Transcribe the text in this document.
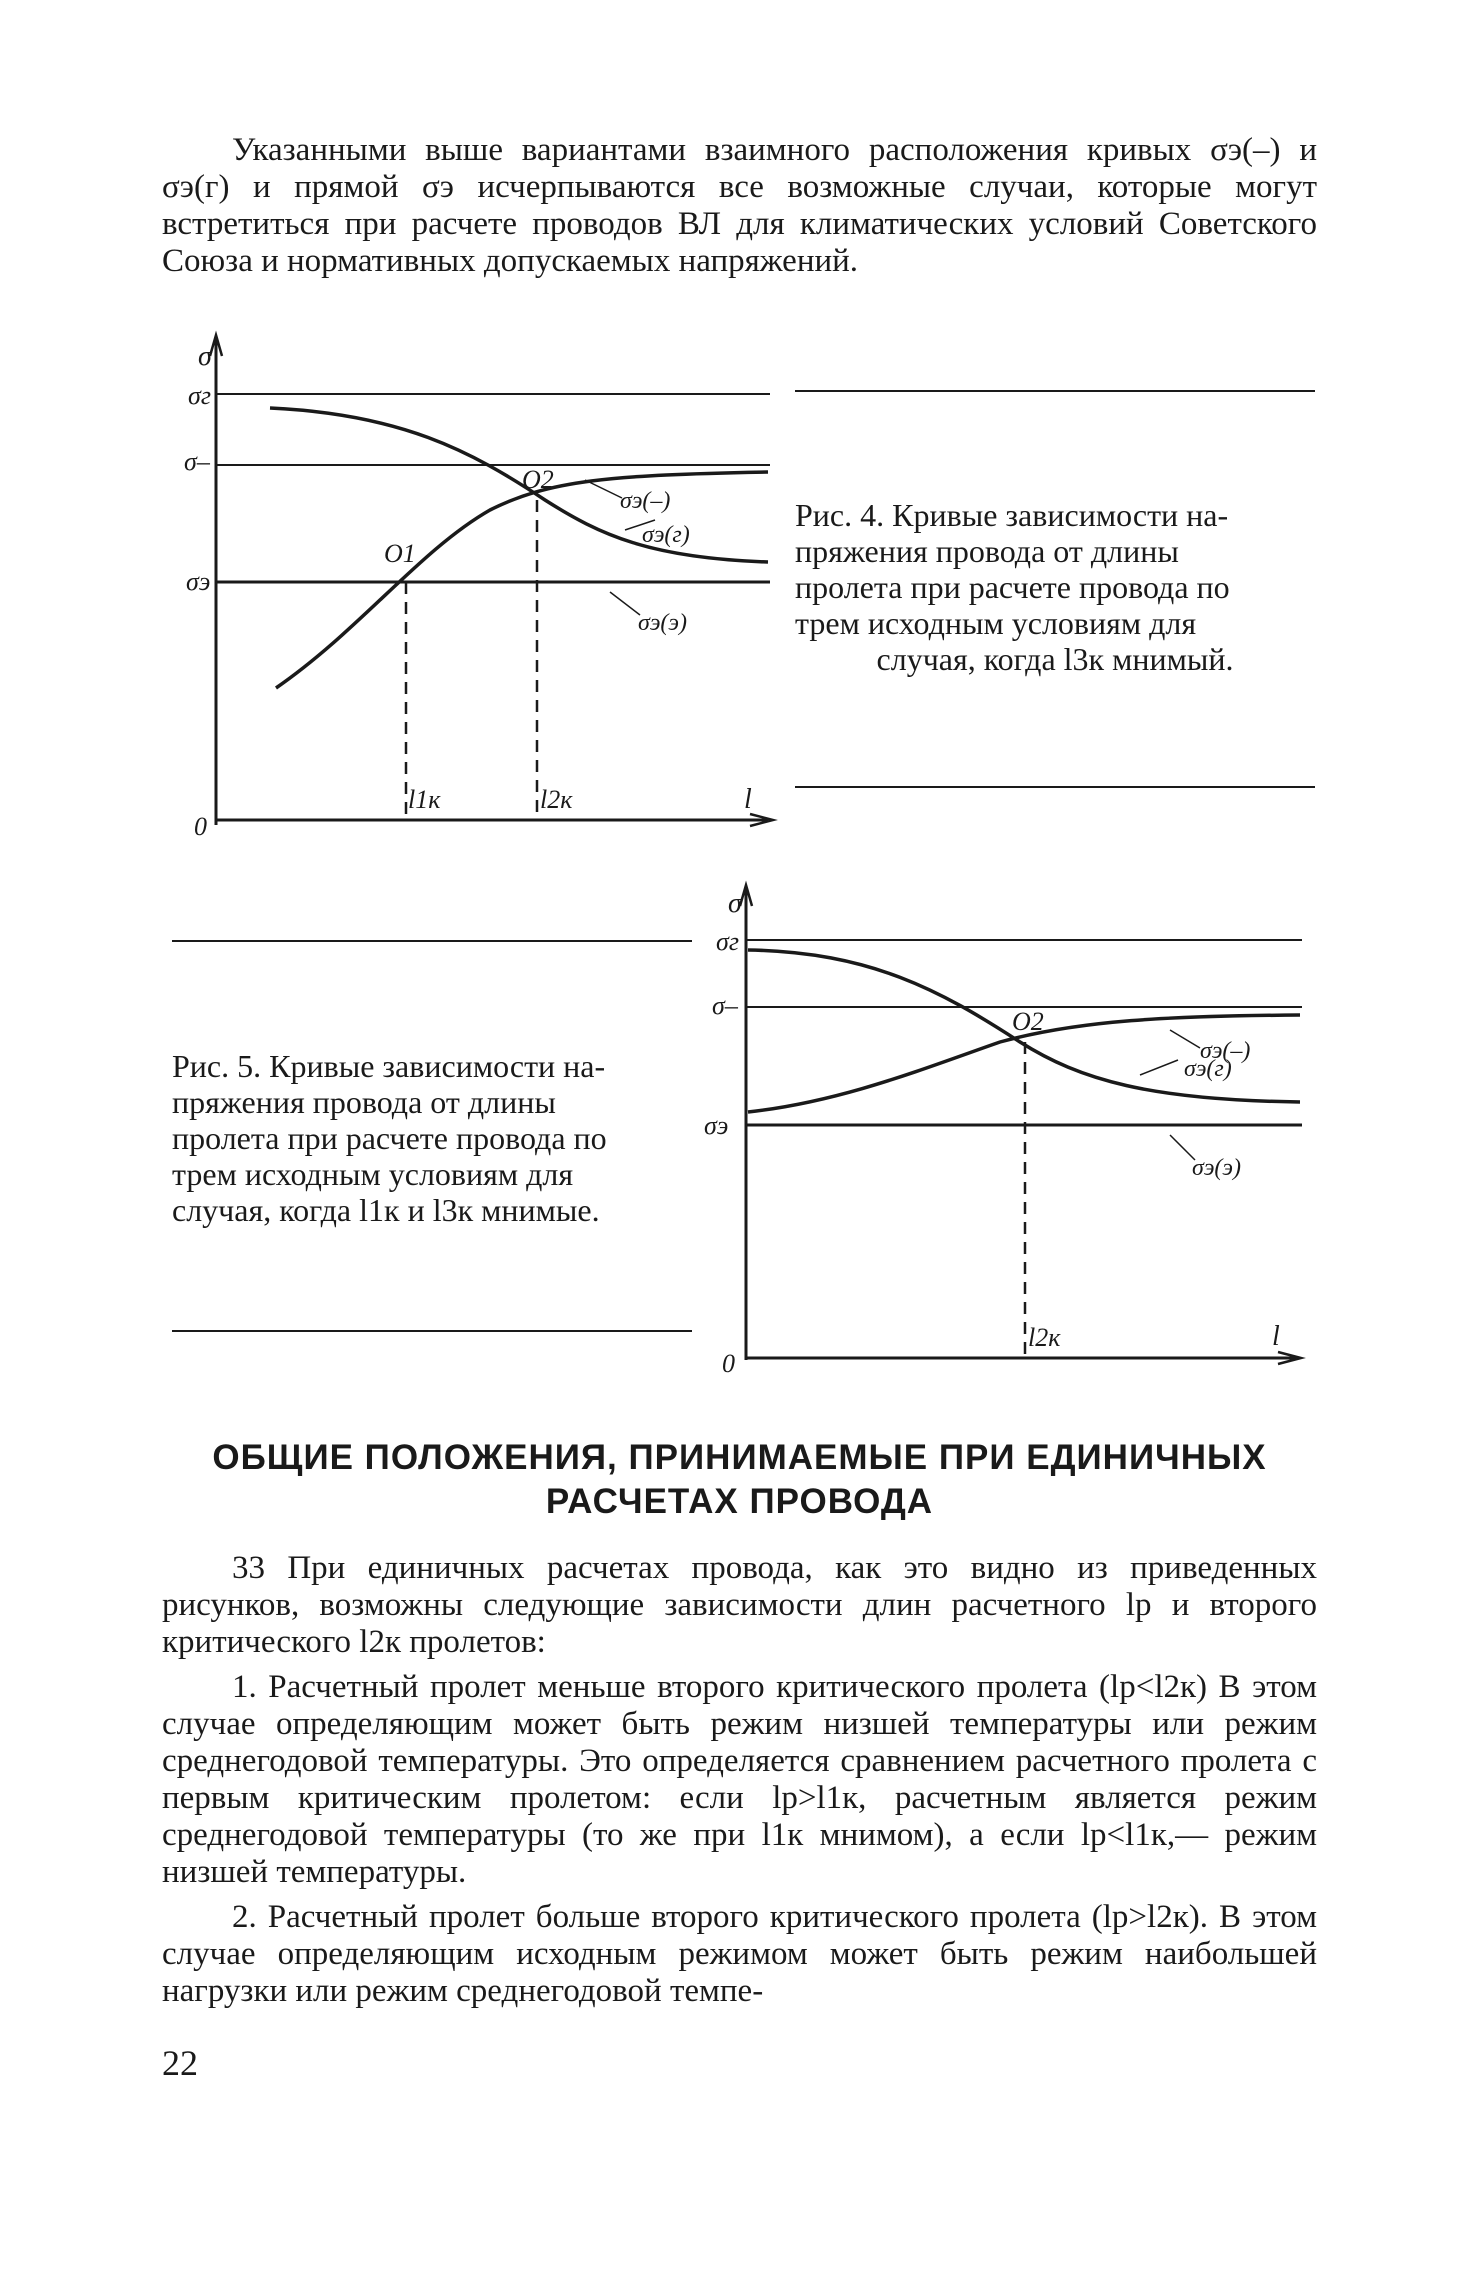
Указанными выше вариантами взаимного расположения кривых σэ(–) и σэ(г) и прямой σэ исчерпываются все возможные случаи, которые могут встретиться при расчете проводов ВЛ для климатических условий Советского Союза и нормативных допускаемых напряжений.

σ
l
0
σг
σ–
σэ
O1
O2
l1к	l2к
σэ(–)
σэ(г)
σэ(э)
Рис. 4. Кривые зависимости на-
пряжения провода от длины
пролета при расчете провода по
трем исходным условиям для
случая, когда l3к мнимый.
Рис. 5. Кривые зависимости на-
пряжения провода от длины
пролета при расчете провода по
трем исходным условиям для
случая, когда l1к и l3к мнимые.
σ
l
0
σг
σ–
σэ
O2
l2к
σэ(–)
σэ(г)
σэ(э)
ОБЩИЕ ПОЛОЖЕНИЯ, ПРИНИМАЕМЫЕ ПРИ ЕДИНИЧНЫХ
РАСЧЕТАХ ПРОВОДА

33 При единичных расчетах провода, как это видно из приведенных рисунков, возможны следующие зависимости длин расчетного lр и второго критического l2к пролетов:

1. Расчетный пролет меньше второго критического пролета (lр<l2к) В этом случае определяющим может быть режим низшей температуры или режим среднегодовой температуры. Это определяется сравнением расчетного пролета с первым критическим пролетом: если lр>l1к, расчетным является режим среднегодовой температуры (то же при l1к мнимом), а если lр<l1к,— режим низшей температуры.

2. Расчетный пролет больше второго критического пролета (lр>l2к). В этом случае определяющим исходным режимом может быть режим наибольшей нагрузки или режим среднегодовой темпе-

22
